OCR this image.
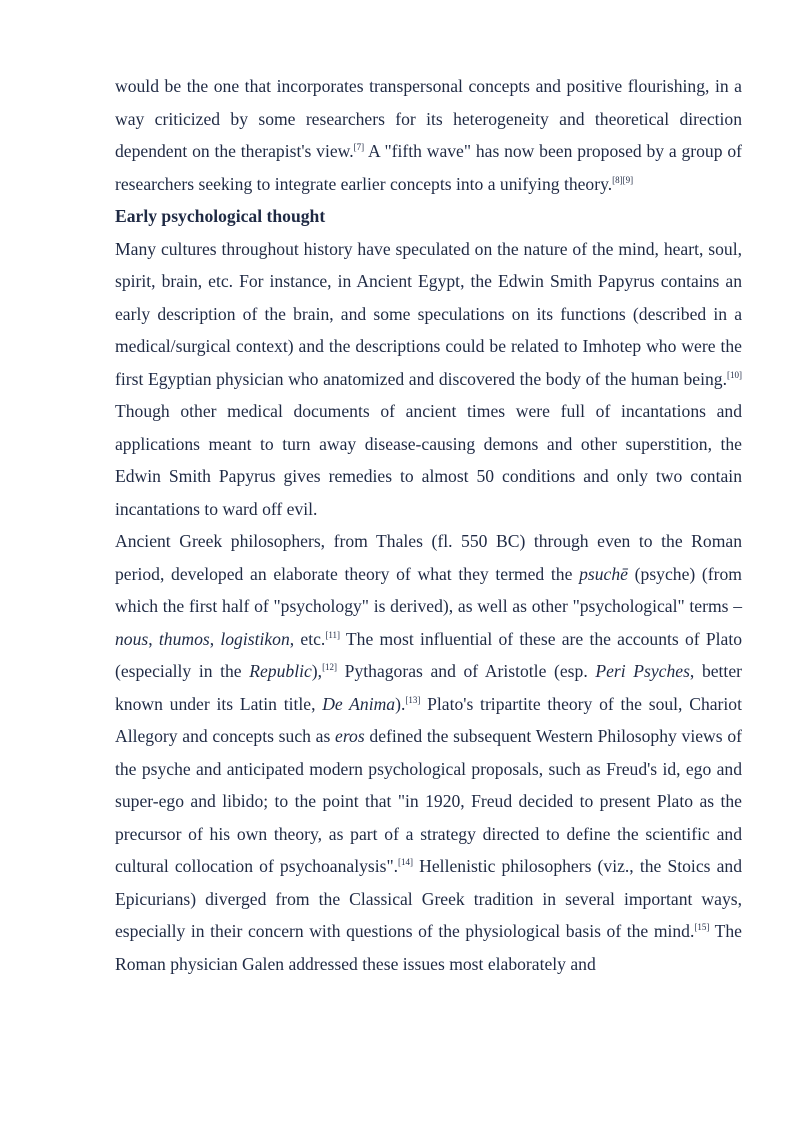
would be the one that incorporates transpersonal concepts and positive flourishing, in a way criticized by some researchers for its heterogeneity and theoretical direction dependent on the therapist's view.[7] A "fifth wave" has now been proposed by a group of researchers seeking to integrate earlier concepts into a unifying theory.[8][9]

Early psychological thought

Many cultures throughout history have speculated on the nature of the mind, heart, soul, spirit, brain, etc. For instance, in Ancient Egypt, the Edwin Smith Papyrus contains an early description of the brain, and some speculations on its functions (described in a medical/surgical context) and the descriptions could be related to Imhotep who were the first Egyptian physician who anatomized and discovered the body of the human being.[10] Though other medical documents of ancient times were full of incantations and applications meant to turn away disease-causing demons and other superstition, the Edwin Smith Papyrus gives remedies to almost 50 conditions and only two contain incantations to ward off evil.

Ancient Greek philosophers, from Thales (fl. 550 BC) through even to the Roman period, developed an elaborate theory of what they termed the psuchē (psyche) (from which the first half of "psychology" is derived), as well as other "psychological" terms – nous, thumos, logistikon, etc.[11] The most influential of these are the accounts of Plato (especially in the Republic),[12] Pythagoras and of Aristotle (esp. Peri Psyches, better known under its Latin title, De Anima).[13] Plato's tripartite theory of the soul, Chariot Allegory and concepts such as eros defined the subsequent Western Philosophy views of the psyche and anticipated modern psychological proposals, such as Freud's id, ego and super-ego and libido; to the point that "in 1920, Freud decided to present Plato as the precursor of his own theory, as part of a strategy directed to define the scientific and cultural collocation of psychoanalysis".[14] Hellenistic philosophers (viz., the Stoics and Epicurians) diverged from the Classical Greek tradition in several important ways, especially in their concern with questions of the physiological basis of the mind.[15] The Roman physician Galen addressed these issues most elaborately and
